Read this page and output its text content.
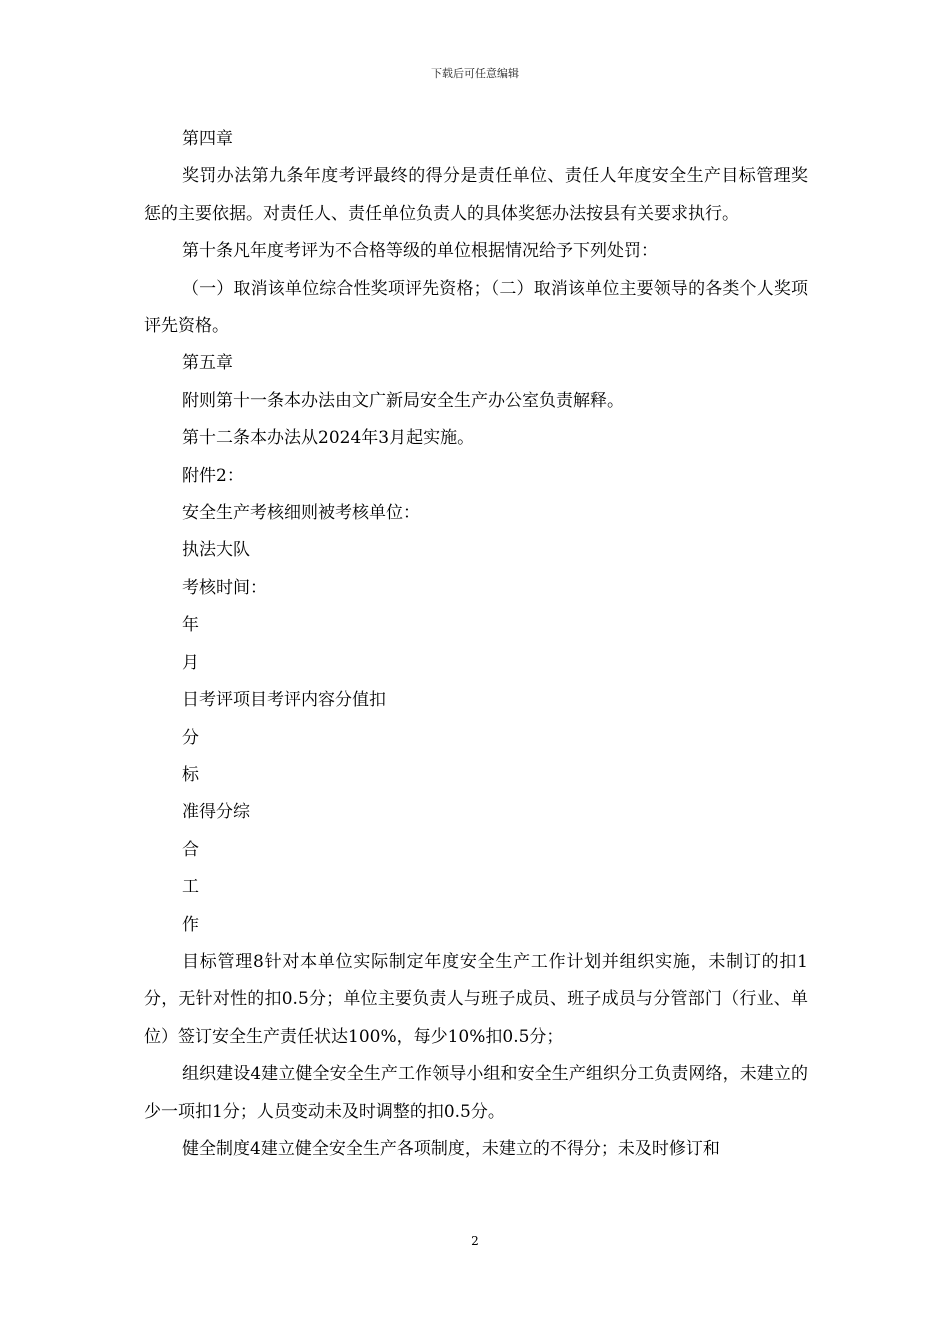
下载后可任意编辑

第四章

奖罚办法第九条年度考评最终的得分是责任单位、责任人年度安全生产目标管理奖惩的主要依据。对责任人、责任单位负责人的具体奖惩办法按县有关要求执行。

第十条凡年度考评为不合格等级的单位根据情况给予下列处罚：

（一）取消该单位综合性奖项评先资格；（二）取消该单位主要领导的各类个人奖项评先资格。

第五章

附则第十一条本办法由文广新局安全生产办公室负责解释。

第十二条本办法从2024年3月起实施。

附件2：

安全生产考核细则被考核单位：

执法大队

考核时间：

年

月

日考评项目考评内容分值扣

分

标

准得分综

合

工

作

目标管理8针对本单位实际制定年度安全生产工作计划并组织实施，未制订的扣1分，无针对性的扣0.5分；单位主要负责人与班子成员、班子成员与分管部门（行业、单位）签订安全生产责任状达100%，每少10%扣0.5分；

组织建设4建立健全安全生产工作领导小组和安全生产组织分工负责网络，未建立的少一项扣1分；人员变动未及时调整的扣0.5分。

健全制度4建立健全安全生产各项制度，未建立的不得分；未及时修订和

2
